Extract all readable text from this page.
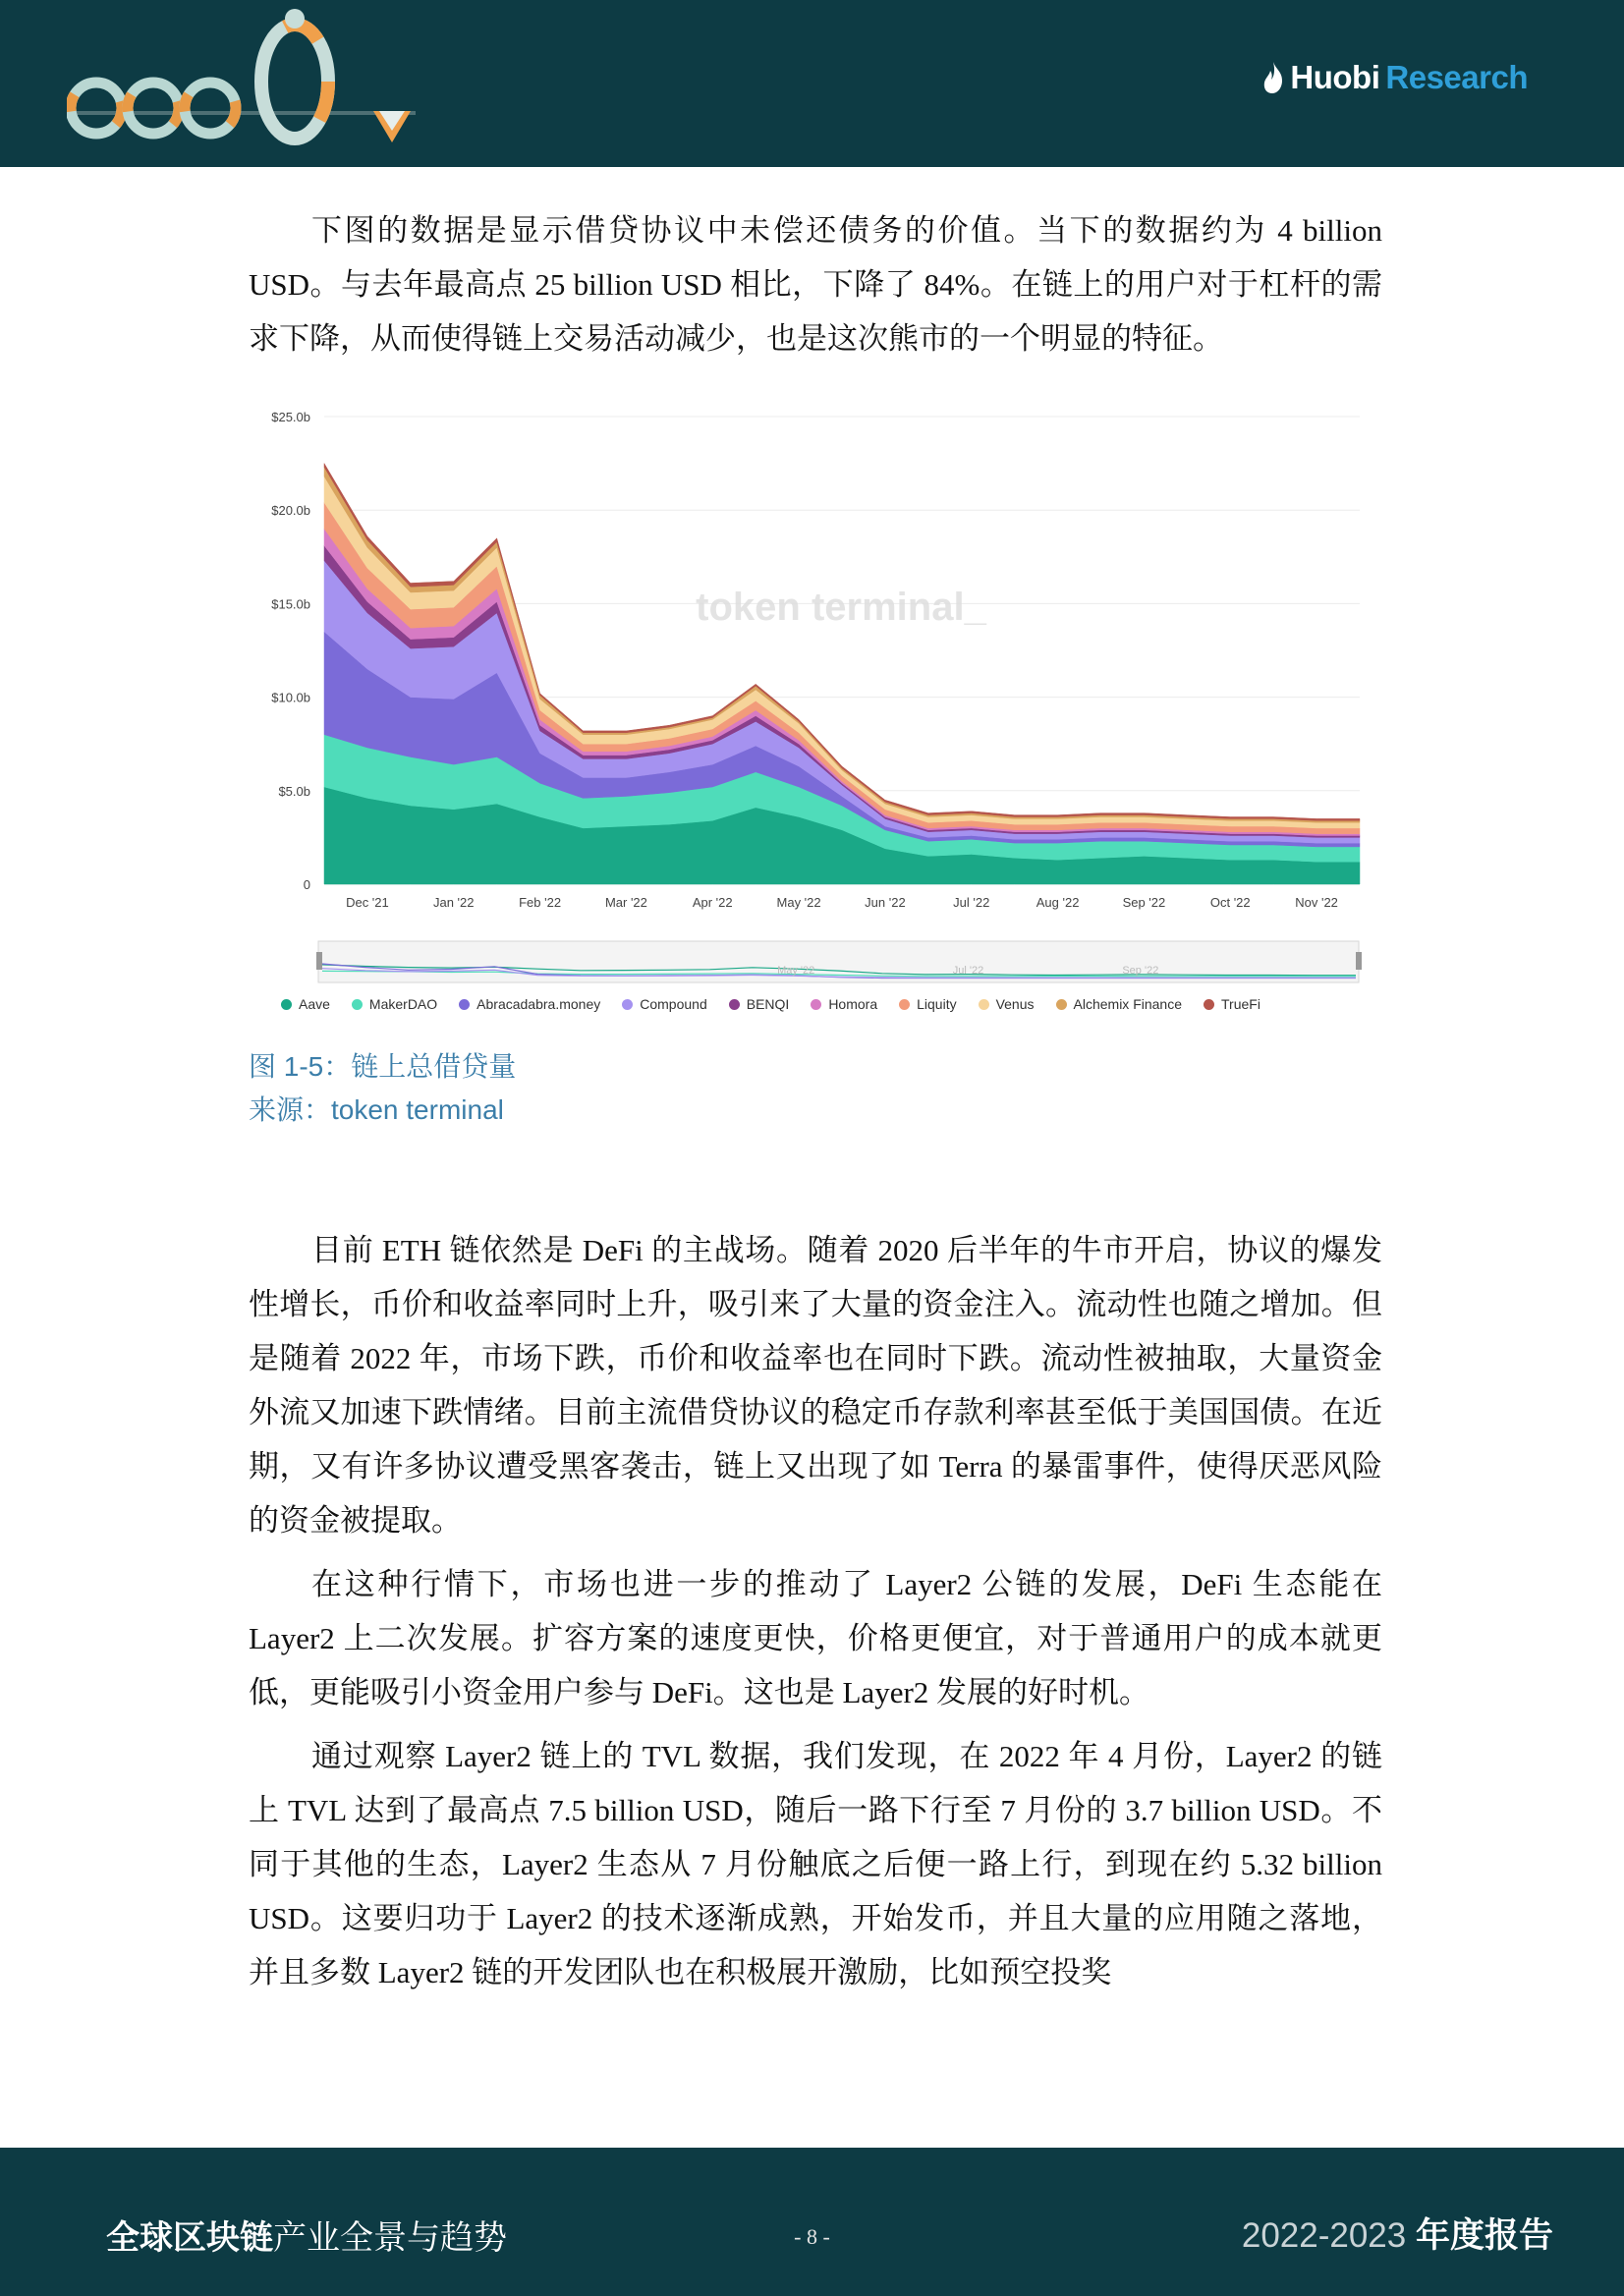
Huobi Research

下图的数据是显示借贷协议中未偿还债务的价值。当下的数据约为 4 billion USD。与去年最高点 25 billion USD 相比，下降了 84%。在链上的用户对于杠杆的需求下降，从而使得链上交易活动减少，也是这次熊市的一个明显的特征。

token terminal_
0
$5.0b
$10.0b
$15.0b
$20.0b
$25.0b
Dec '21	Jan '22	Feb '22	Mar '22	Apr '22	May '22	Jun '22	Jul '22	Aug '22	Sep '22	Oct '22	Nov '22
May '22	Jul '22	Sep '22
Aave	MakerDAO	Abracadabra.money	Compound	BENQI	Homora	Liquity	Venus	Alchemix Finance	TrueFi
图 1-5：链上总借贷量
来源：token terminal

目前 ETH 链依然是 DeFi 的主战场。随着 2020 后半年的牛市开启，协议的爆发性增长，币价和收益率同时上升，吸引来了大量的资金注入。流动性也随之增加。但是随着 2022 年，市场下跌，币价和收益率也在同时下跌。流动性被抽取，大量资金外流又加速下跌情绪。目前主流借贷协议的稳定币存款利率甚至低于美国国债。在近期，又有许多协议遭受黑客袭击，链上又出现了如 Terra 的暴雷事件，使得厌恶风险的资金被提取。

在这种行情下，市场也进一步的推动了 Layer2 公链的发展，DeFi 生态能在 Layer2 上二次发展。扩容方案的速度更快，价格更便宜，对于普通用户的成本就更低，更能吸引小资金用户参与 DeFi。这也是 Layer2 发展的好时机。

通过观察 Layer2 链上的 TVL 数据，我们发现，在 2022 年 4 月份，Layer2 的链上 TVL 达到了最高点 7.5 billion USD，随后一路下行至 7 月份的 3.7 billion USD。不同于其他的生态，Layer2 生态从 7 月份触底之后便一路上行，到现在约 5.32 billion USD。这要归功于 Layer2 的技术逐渐成熟，开始发币，并且大量的应用随之落地，并且多数 Layer2 链的开发团队也在积极展开激励，比如预空投奖

全球区块链产业全景与趋势	- 8 -	2022-2023 年度报告
